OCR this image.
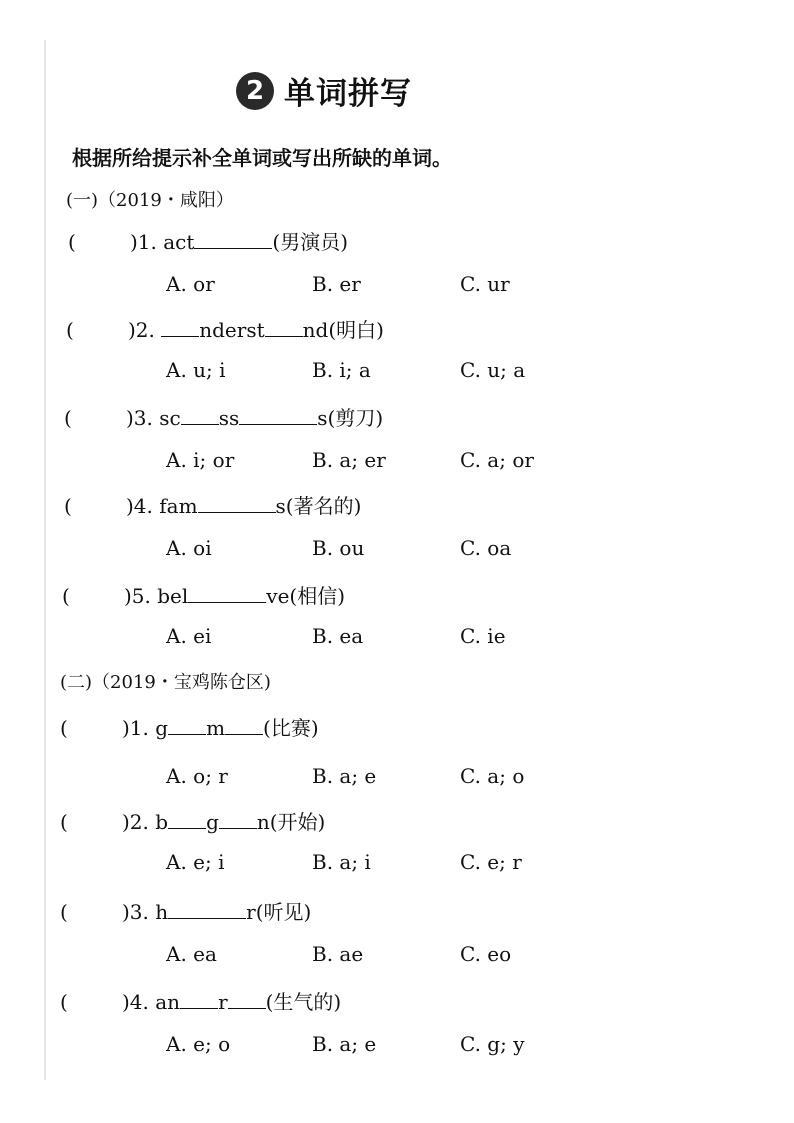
2 单词拼写
根据所给提示补全单词或写出所缺的单词。
(一)（2019・咸阳）
(	)1. act	(男演员)
A. or	B. er	C. ur
(	)2. nderst nd(明白)
A. u; i	B. i; a	C. u; a
(	)3. sc ss	s(剪刀)
A. i; or	B. a; er	C. a; or
(	)4. fam	s(著名的)
A. oi	B. ou	C. oa
(	)5. bel	ve(相信)
A. ei	B. ea	C. ie
(二)（2019・宝鸡陈仓区)
(	)1. g m (比赛)
A. o; r	B. a; e	C. a; o
(	)2. b g n(开始)
A. e; i	B. a; i	C. e; r
(	)3. h	r(听见)
A. ea	B. ae	C. eo
(	)4. an r (生气的)
A. e; o	B. a; e	C. g; y
